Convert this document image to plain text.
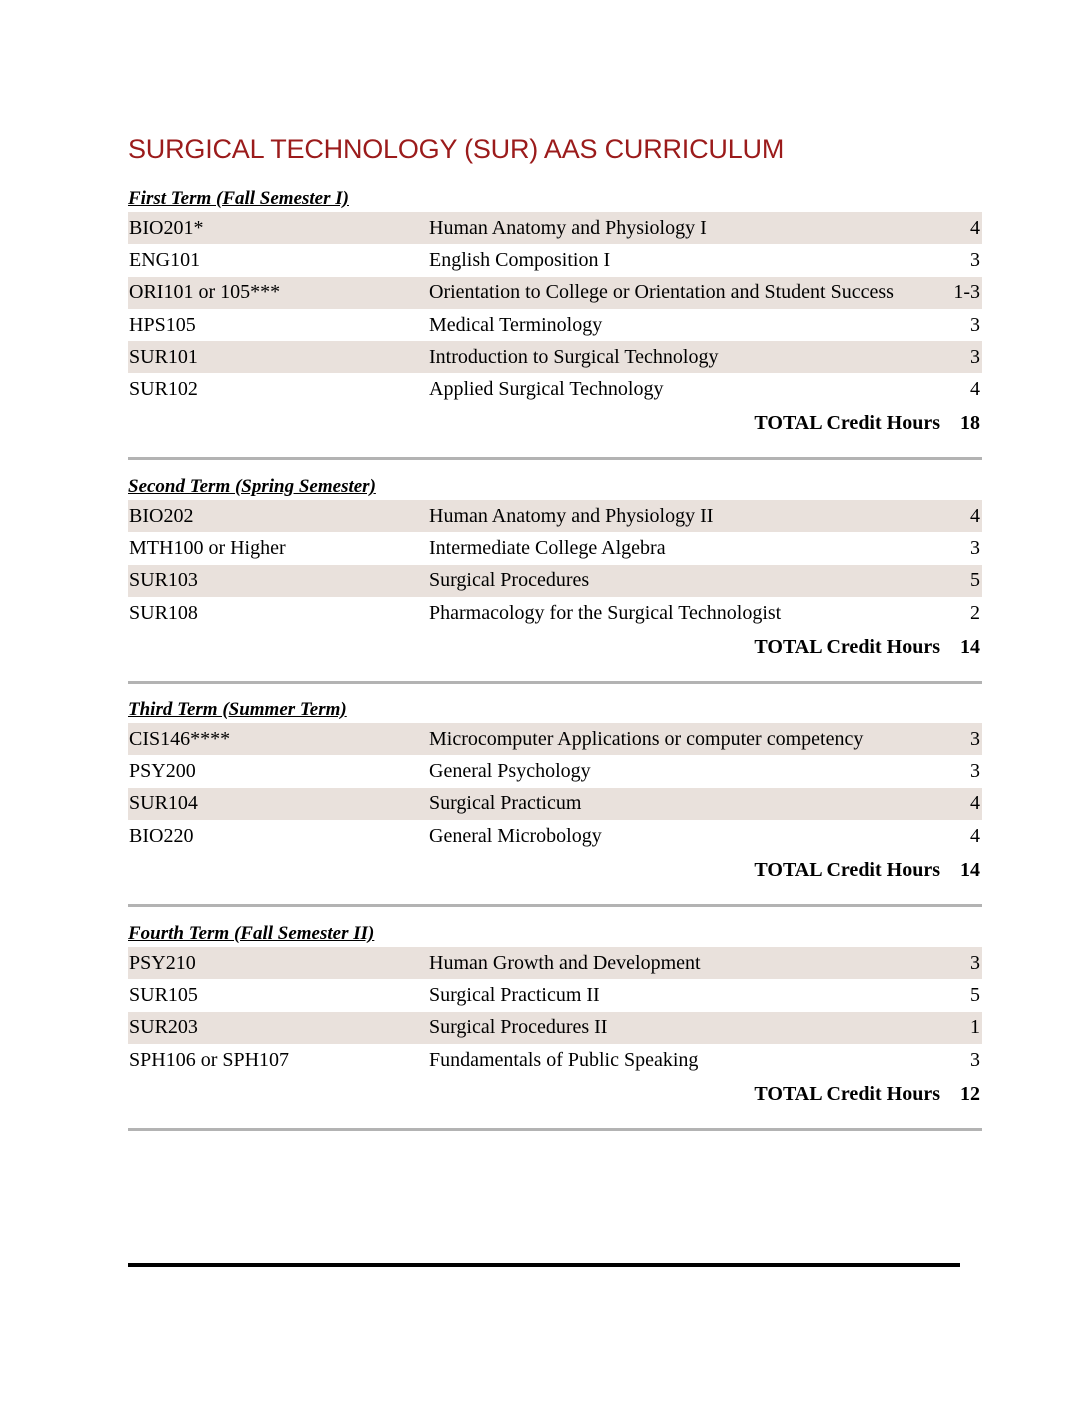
SURGICAL TECHNOLOGY (SUR) AAS CURRICULUM
First Term (Fall Semester I)
BIO201*	Human Anatomy and Physiology I	4
ENG101	English Composition I	3
ORI101 or 105***	Orientation to College or Orientation and Student Success	1-3
HPS105	Medical Terminology	3
SUR101	Introduction to Surgical Technology	3
SUR102	Applied Surgical Technology	4
TOTAL Credit Hours	18
Second Term (Spring Semester)
BIO202	Human Anatomy and Physiology II	4
MTH100 or Higher	Intermediate College Algebra	3
SUR103	Surgical Procedures	5
SUR108	Pharmacology for the Surgical Technologist	2
TOTAL Credit Hours	14
Third Term (Summer Term)
CIS146****	Microcomputer Applications or computer competency	3
PSY200	General Psychology	3
SUR104	Surgical Practicum	4
BIO220	General Microbology	4
TOTAL Credit Hours	14
Fourth Term (Fall Semester II)
PSY210	Human Growth and Development	3
SUR105	Surgical Practicum II	5
SUR203	Surgical Procedures II	1
SPH106 or SPH107	Fundamentals of Public Speaking	3
TOTAL Credit Hours	12
